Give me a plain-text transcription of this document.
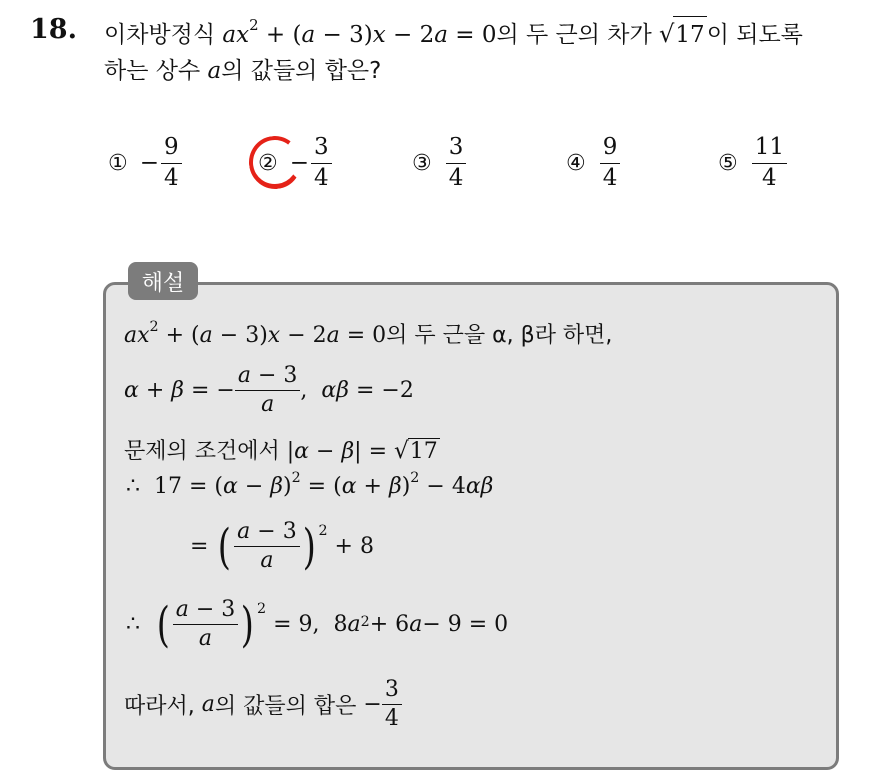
18. 이차방정식 $ax^2 + (a - 3)x - 2a = 0$의 두 근의 차가 √ 17 이 되도록
하는 상수 a의 값들의 합은?
① − $\frac{9}{4}$	② − $\frac{3}{4}$	③ $\frac{3}{4}$	④ $\frac{9}{4}$	⑤ $\frac{11}{4}$
해설
$ax^2 + (a - 3)x - 2a = 0$의 두 근을 α, β라 하면,
α + β = − $\frac{a - 3}{a}$ , αβ = −2
문제의 조건에서 |α − β| = √ 17
∴  $17 = (\alpha - \beta)^2 = (\alpha + \beta)^2 - 4\alpha\beta$
= ( $\frac{a - 3}{a} )^2$
+ 8
∴ ( $\frac{a - 3}{a} )^2$
= 9,  8 $a^2 + 6$ a − 9 = 0
따라서,
a 의 값들의 합은 − $\frac{3}{4}$
